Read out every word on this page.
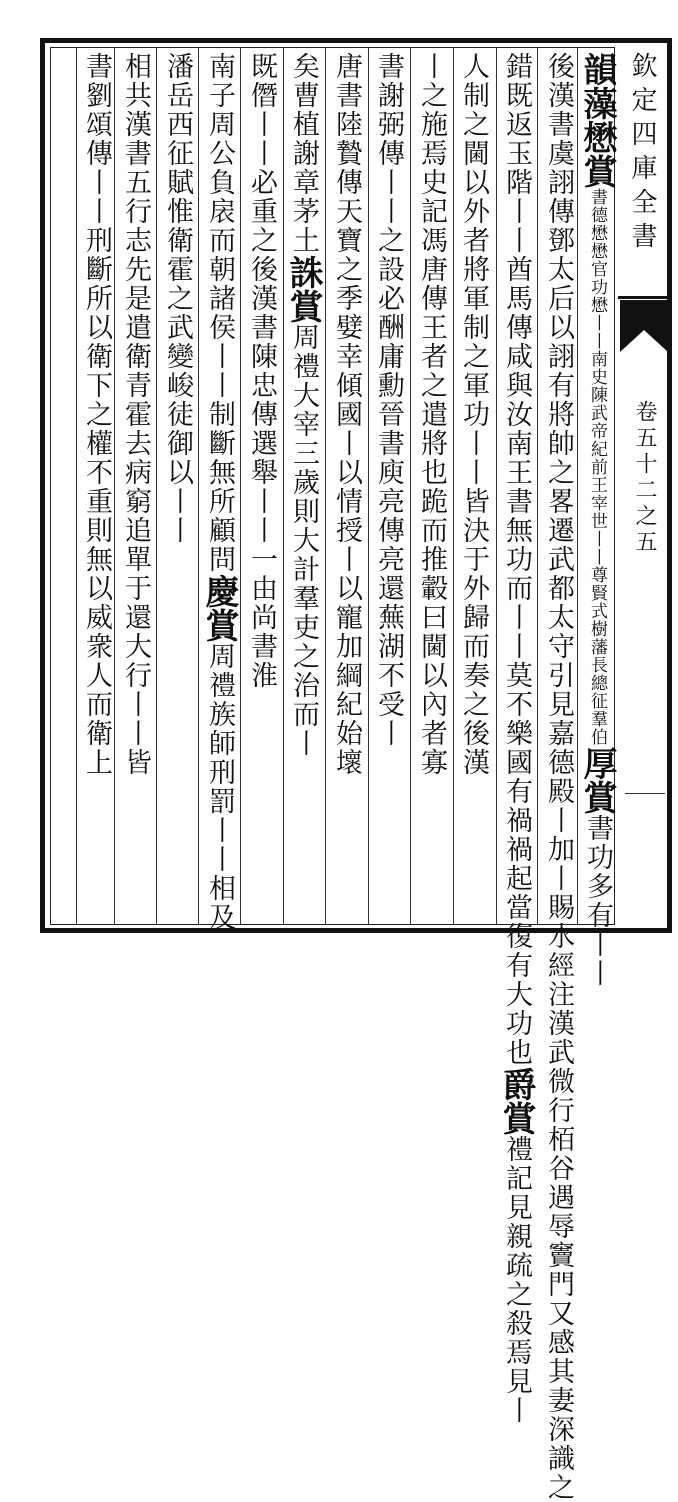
韻藻懋賞書德懋懋官功懋丨丨南史陳武帝紀前王宰世丨丨尊賢式樹藩長總征羣伯厚賞書功多有丨丨
後漢書虞詡傳鄧太后以詡有將帥之畧遷武都太守引見嘉德殿丨加丨賜水經注漢武微行栢谷遇辱竇門又感其妻深識之
錯既返玉階丨丨酋馬傳咸與汝南王書無功而丨丨莫不樂國有禍禍起當復有大功也爵賞禮記見親疏之殺焉見丨
人制之閫以外者將軍制之軍功丨丨皆決于外歸而奏之後漢
丨之施焉史記馮唐傳王者之遣將也跪而推轂曰閫以內者寡
書謝弼傳丨丨之設必酬庸勳晉書庾亮傳亮還蕪湖不受丨
唐書陸贄傳天寶之季嬖幸傾國丨以情授丨以寵加綱紀始壞
矣曹植謝章茅土誅賞周禮大宰三歲則大計羣吏之治而丨
既僭丨丨必重之後漢書陳忠傳選舉丨丨一由尚書淮
南子周公負扆而朝諸侯丨丨制斷無所顧問慶賞周禮族師刑罰丨丨相及
潘岳西征賦惟衛霍之武變峻徒御以丨丨
相共漢書五行志先是遣衛青霍去病窮追單于還大行丨丨皆
書劉頌傳丨丨刑斷所以衛下之權不重則無以威衆人而衛上	欽定四庫全書
卷五十二之五
